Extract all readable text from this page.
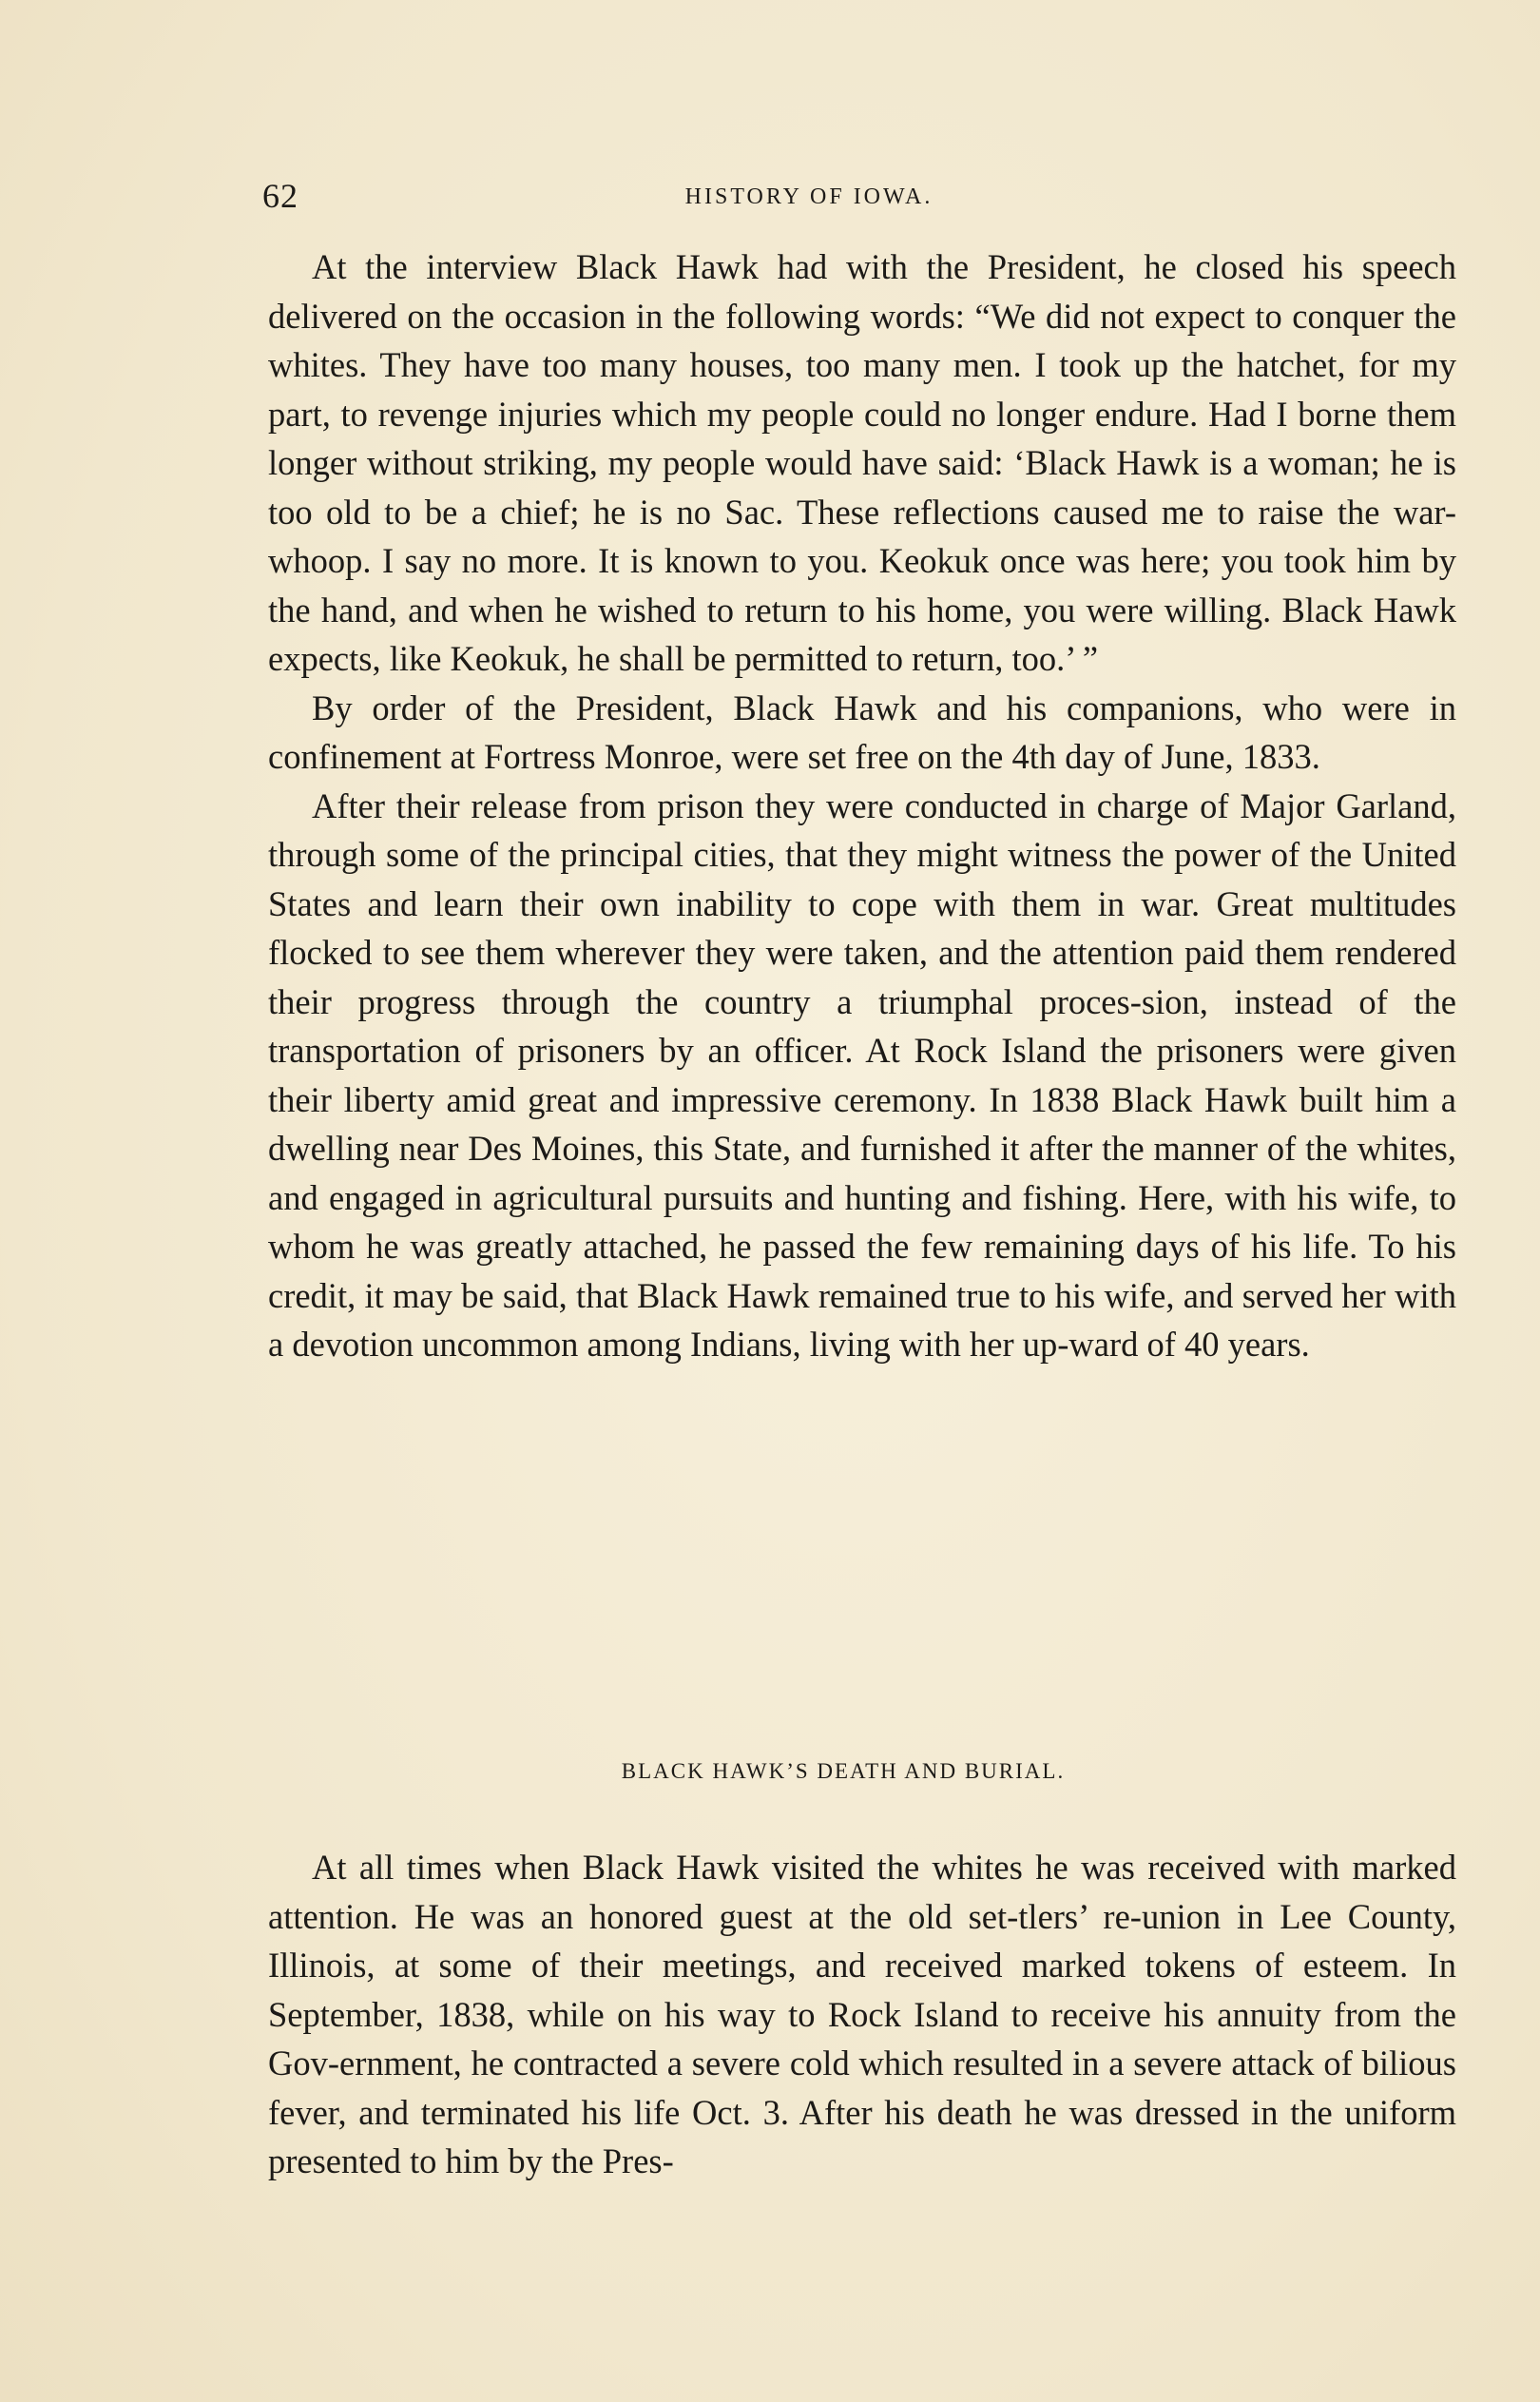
62	HISTORY OF IOWA.

At the interview Black Hawk had with the President, he closed his speech delivered on the occasion in the following words: “We did not expect to conquer the whites. They have too many houses, too many men. I took up the hatchet, for my part, to revenge injuries which my people could no longer endure. Had I borne them longer without striking, my people would have said: ‘Black Hawk is a woman; he is too old to be a chief; he is no Sac. These reflections caused me to raise the war-whoop. I say no more. It is known to you. Keokuk once was here; you took him by the hand, and when he wished to return to his home, you were willing. Black Hawk expects, like Keokuk, he shall be permitted to return, too.’ ”

By order of the President, Black Hawk and his companions, who were in confinement at Fortress Monroe, were set free on the 4th day of June, 1833.

After their release from prison they were conducted in charge of Major Garland, through some of the principal cities, that they might witness the power of the United States and learn their own inability to cope with them in war. Great multitudes flocked to see them wherever they were taken, and the attention paid them rendered their progress through the country a triumphal proces-sion, instead of the transportation of prisoners by an officer. At Rock Island the prisoners were given their liberty amid great and impressive ceremony. In 1838 Black Hawk built him a dwelling near Des Moines, this State, and furnished it after the manner of the whites, and engaged in agricultural pursuits and hunting and fishing. Here, with his wife, to whom he was greatly attached, he passed the few remaining days of his life. To his credit, it may be said, that Black Hawk remained true to his wife, and served her with a devotion uncommon among Indians, living with her up-ward of 40 years.

BLACK HAWK’S DEATH AND BURIAL.

At all times when Black Hawk visited the whites he was received with marked attention. He was an honored guest at the old set-tlers’ re-union in Lee County, Illinois, at some of their meetings, and received marked tokens of esteem. In September, 1838, while on his way to Rock Island to receive his annuity from the Gov-ernment, he contracted a severe cold which resulted in a severe attack of bilious fever, and terminated his life Oct. 3. After his death he was dressed in the uniform presented to him by the Pres-
